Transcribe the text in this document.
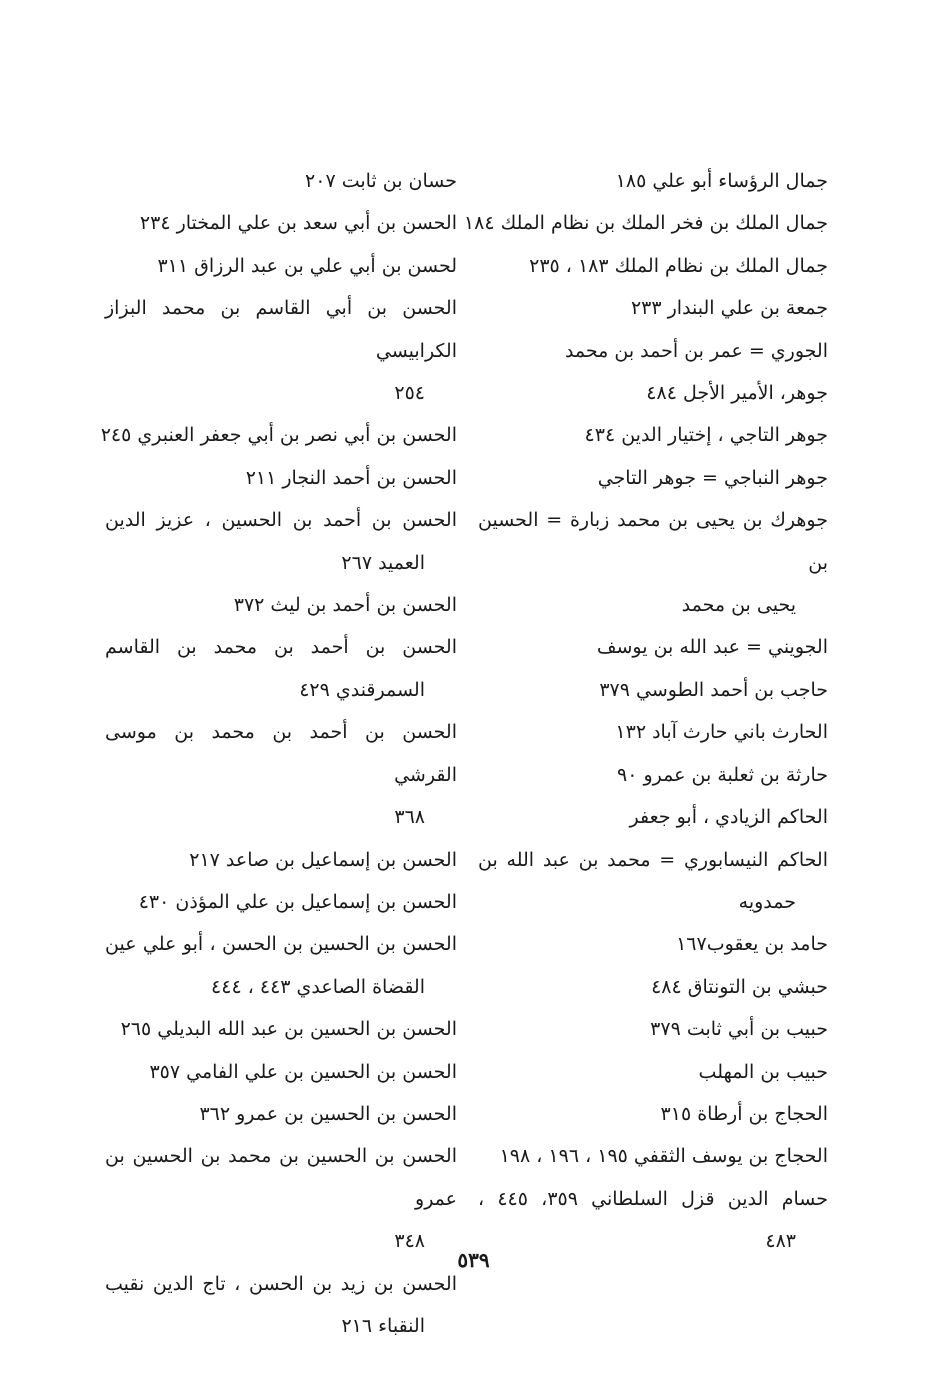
جمال الرؤساء أبو علي ١٨٥
جمال الملك بن فخر الملك بن نظام الملك ١٨٤
جمال الملك بن نظام الملك ١٨٣ ، ٢٣٥
جمعة بن علي البندار ٢٣٣
الجوري = عمر بن أحمد بن محمد
جوهر، الأمير الأجل ٤٨٤
جوهر التاجي ، إختيار الدين ٤٣٤
جوهر النباجي = جوهر التاجي
جوهرك بن يحيى بن محمد زبارة = الحسين بن
يحيى بن محمد
الجويني = عبد الله بن يوسف
حاجب بن أحمد الطوسي ٣٧٩
الحارث باني حارث آباد ١٣٢
حارثة بن ثعلبة بن عمرو ٩٠
الحاكم الزيادي ، أبو جعفر
الحاكم النيسابوري = محمد بن عبد الله بن
حمدويه
حامد بن يعقوب١٦٧
حبشي بن التونتاق ٤٨٤
حبيب بن أبي ثابت ٣٧٩
حبيب بن المهلب
الحجاج بن أرطاة ٣١٥
الحجاج بن يوسف الثقفي ١٩٥ ، ١٩٦ ، ١٩٨
حسام الدين قزل السلطاني ٣٥٩، ٤٤٥ ،
٤٨٣
حسان بن ثابت ٢٠٧
الحسن بن أبي سعد بن علي المختار ٢٣٤
لحسن بن أبي علي بن عبد الرزاق ٣١١
الحسن بن أبي القاسم بن محمد البزاز الكرابيسي
٢٥٤
الحسن بن أبي نصر بن أبي جعفر العنبري ٢٤٥
الحسن بن أحمد النجار ٢١١
الحسن بن أحمد بن الحسين ، عزيز الدين
العميد ٢٦٧
الحسن بن أحمد بن ليث ٣٧٢
الحسن بن أحمد بن محمد بن القاسم
السمرقندي ٤٢٩
الحسن بن أحمد بن محمد بن موسى القرشي
٣٦٨
الحسن بن إسماعيل بن صاعد ٢١٧
الحسن بن إسماعيل بن علي المؤذن ٤٣٠
الحسن بن الحسين بن الحسن ، أبو علي عين
القضاة الصاعدي ٤٤٣ ، ٤٤٤
الحسن بن الحسين بن عبد الله البديلي ٢٦٥
الحسن بن الحسين بن علي الفامي ٣٥٧
الحسن بن الحسين بن عمرو ٣٦٢
الحسن بن الحسين بن محمد بن الحسين بن عمرو
٣٤٨
الحسن بن زيد بن الحسن ، تاج الدين نقيب
النقباء ٢١٦
٥٣٩
